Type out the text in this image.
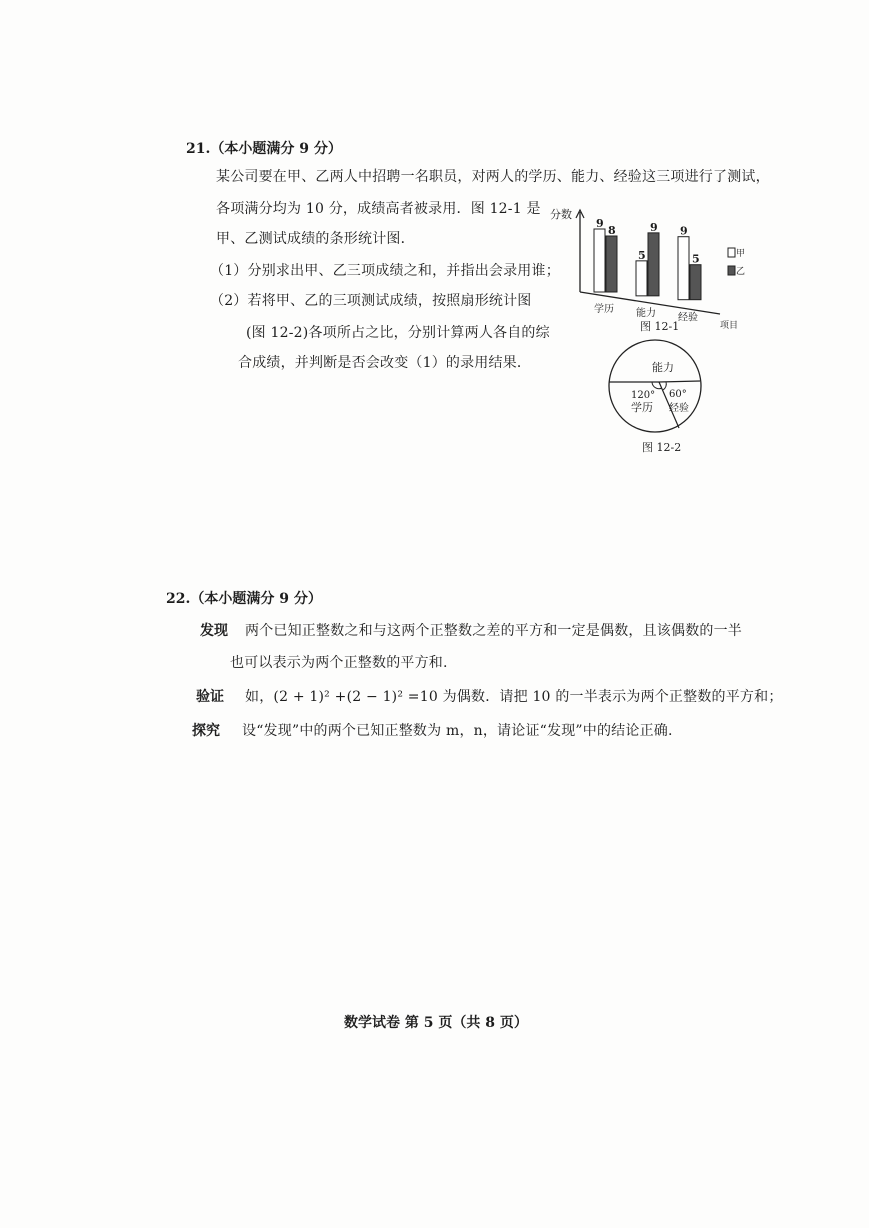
21.（本小题满分 9 分）
某公司要在甲、乙两人中招聘一名职员，对两人的学历、能力、经验这三项进行了测试，
各项满分均为 10 分，成绩高者被录用．图 12-1 是
甲、乙测试成绩的条形统计图．
（1）分别求出甲、乙三项成绩之和，并指出会录用谁；
（2）若将甲、乙的三项测试成绩，按照扇形统计图
(图 12-2)各项所占之比，分别计算两人各自的综
合成绩，并判断是否会改变（1）的录用结果．
分数
项目
9
8
学历
5
9
能力
9
5
经验
甲
乙
图 12-1
能力
120°
学历
60°
经验
图 12-2
22.（本小题满分 9 分）
发现 两个已知正整数之和与这两个正整数之差的平方和一定是偶数，且该偶数的一半
也可以表示为两个正整数的平方和.
验证 如，(2 + 1)² +(2 − 1)² =10 为偶数．请把 10 的一半表示为两个正整数的平方和；
探究 设“发现”中的两个已知正整数为 m，n，请论证“发现”中的结论正确.
数学试卷 第 5 页（共 8 页）
